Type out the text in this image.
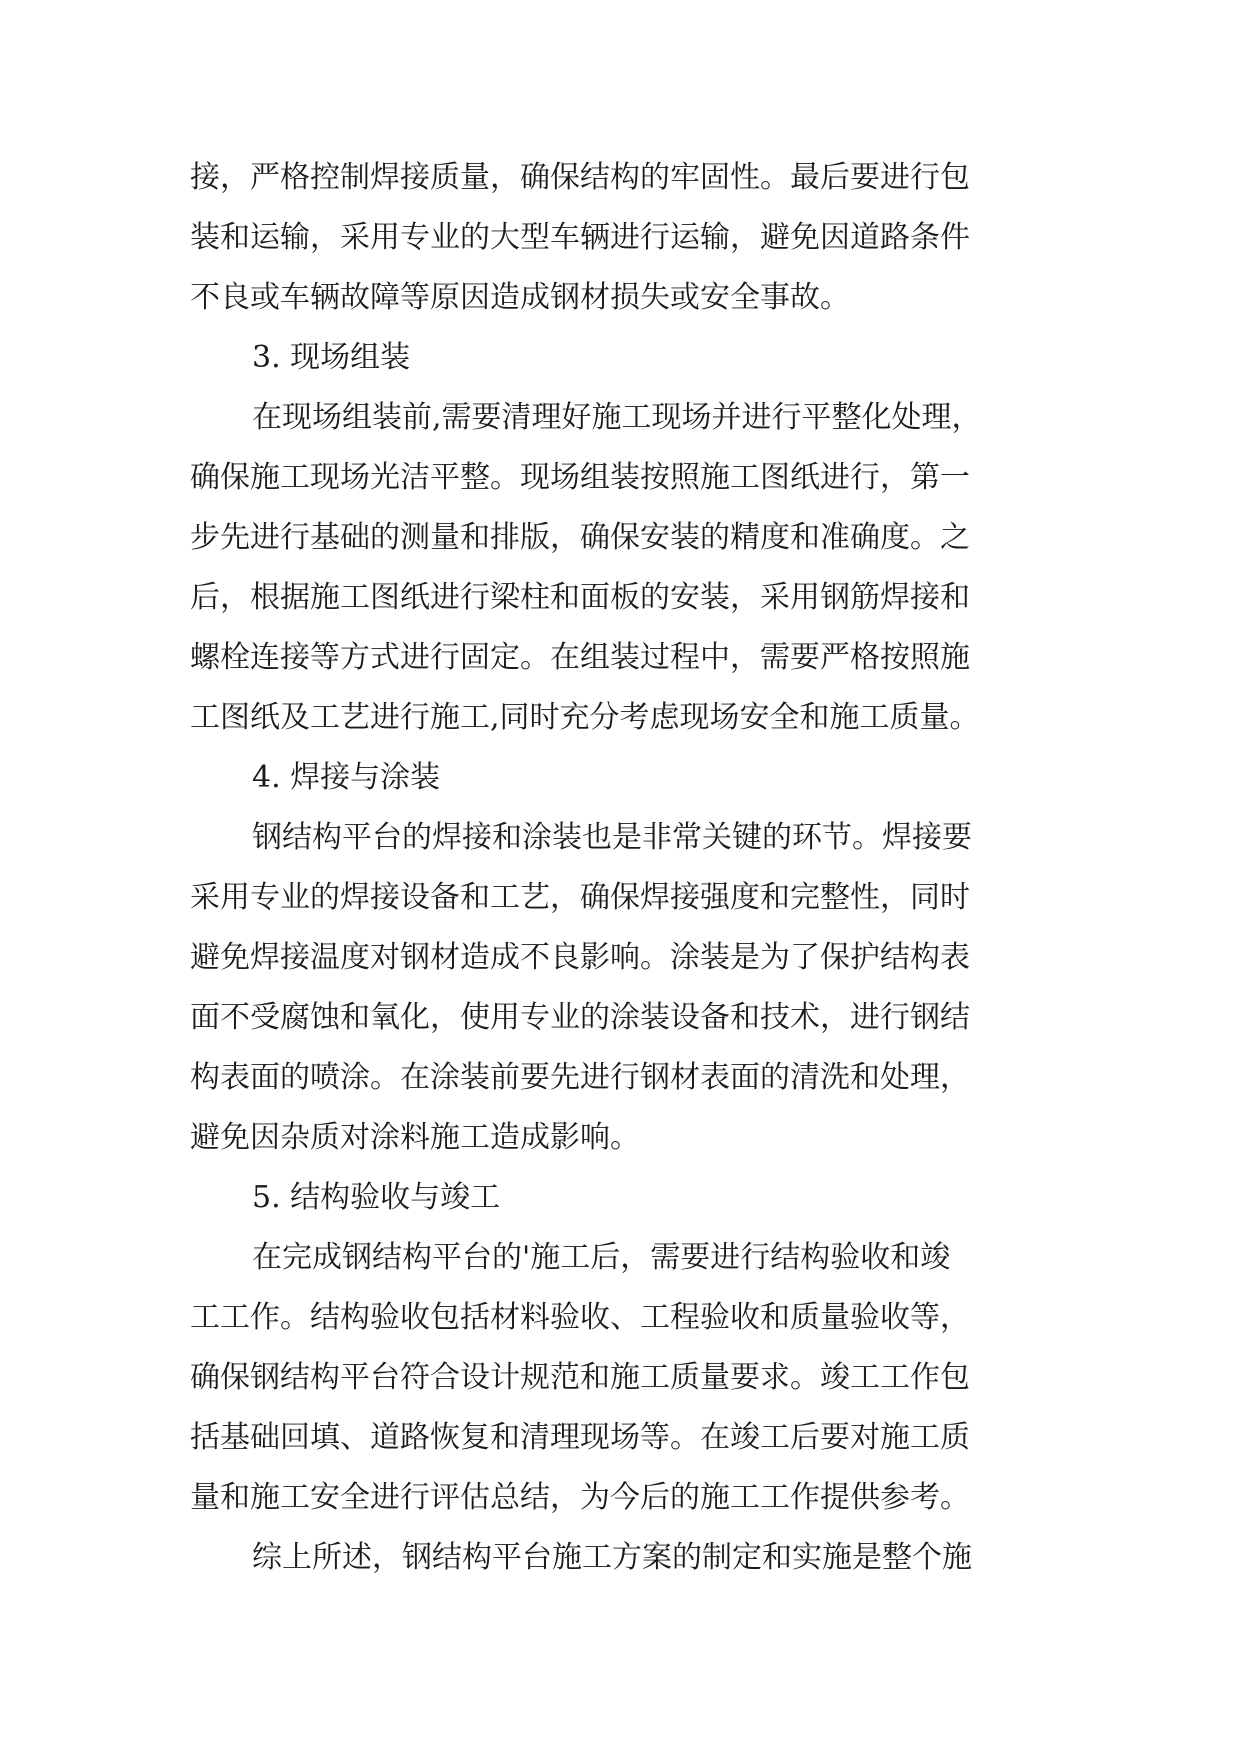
接，严格控制焊接质量，确保结构的牢固性。最后要进行包
装和运输，采用专业的大型车辆进行运输，避免因道路条件
不良或车辆故障等原因造成钢材损失或安全事故。
3. 现场组装
在现场组装前,需要清理好施工现场并进行平整化处理，
确保施工现场光洁平整。现场组装按照施工图纸进行，第一
步先进行基础的测量和排版，确保安装的精度和准确度。之
后，根据施工图纸进行梁柱和面板的安装，采用钢筋焊接和
螺栓连接等方式进行固定。在组装过程中，需要严格按照施
工图纸及工艺进行施工,同时充分考虑现场安全和施工质量。
4. 焊接与涂装
钢结构平台的焊接和涂装也是非常关键的环节。焊接要
采用专业的焊接设备和工艺，确保焊接强度和完整性，同时
避免焊接温度对钢材造成不良影响。涂装是为了保护结构表
面不受腐蚀和氧化，使用专业的涂装设备和技术，进行钢结
构表面的喷涂。在涂装前要先进行钢材表面的清洗和处理，
避免因杂质对涂料施工造成影响。
5. 结构验收与竣工
在完成钢结构平台的'施工后，需要进行结构验收和竣
工工作。结构验收包括材料验收、工程验收和质量验收等，
确保钢结构平台符合设计规范和施工质量要求。竣工工作包
括基础回填、道路恢复和清理现场等。在竣工后要对施工质
量和施工安全进行评估总结，为今后的施工工作提供参考。
综上所述，钢结构平台施工方案的制定和实施是整个施
